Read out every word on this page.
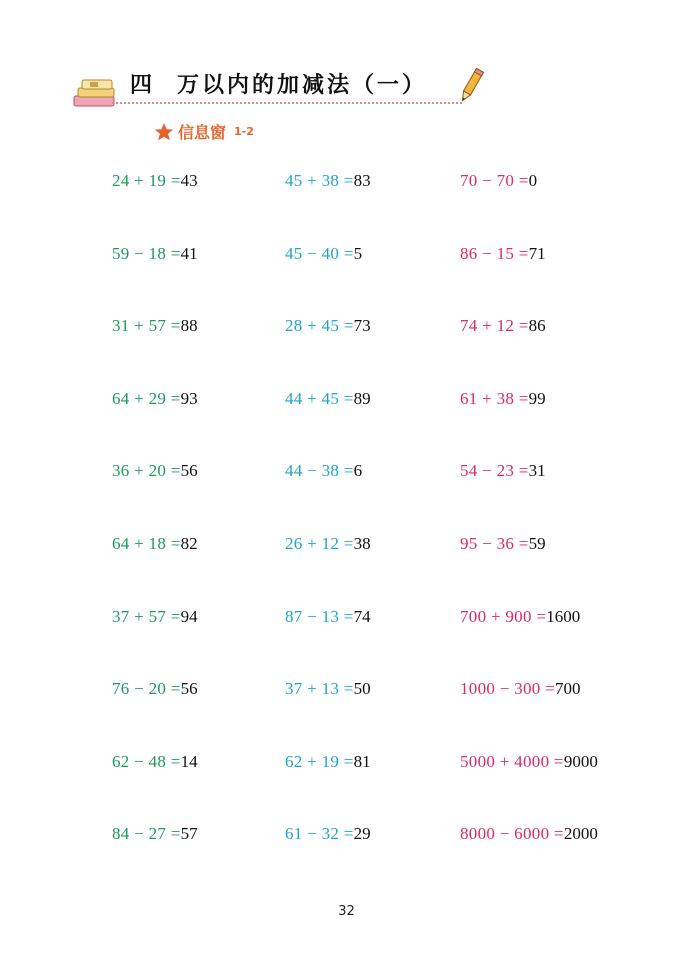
四 万以内的加减法（一）
信息窗 1-2
24 + 19 =43	45 + 38 =83	70 − 70 =0
59 − 18 =41	45 − 40 =5	86 − 15 =71
31 + 57 =88	28 + 45 =73	74 + 12 =86
64 + 29 =93	44 + 45 =89	61 + 38 =99
36 + 20 =56	44 − 38 =6	54 − 23 =31
64 + 18 =82	26 + 12 =38	95 − 36 =59
37 + 57 =94	87 − 13 =74	700 + 900 =1600
76 − 20 =56	37 + 13 =50	1000 − 300 =700
62 − 48 =14	62 + 19 =81	5000 + 4000 =9000
84 − 27 =57	61 − 32 =29	8000 − 6000 =2000
32
